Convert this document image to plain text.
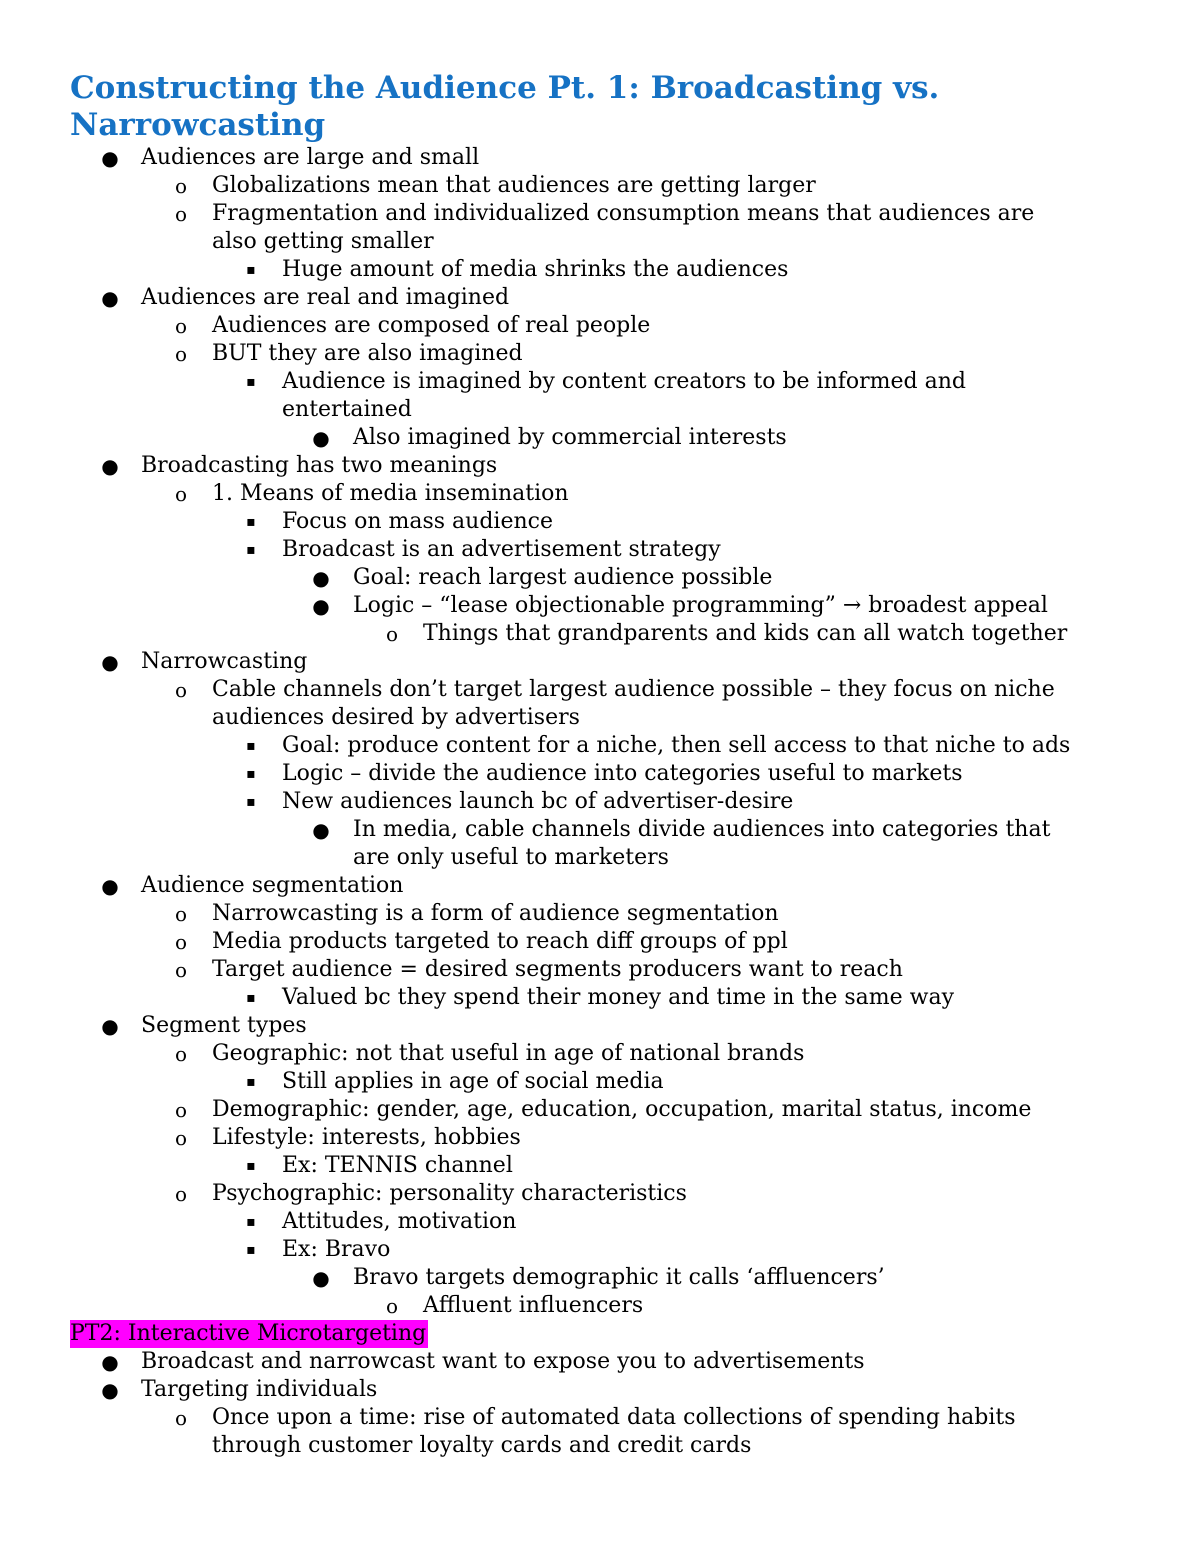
Constructing the Audience Pt. 1: Broadcasting vs. Narrowcasting
● Audiences are large and small
o Globalizations mean that audiences are getting larger
o Fragmentation and individualized consumption means that audiences are
also getting smaller
▪ Huge amount of media shrinks the audiences
● Audiences are real and imagined
o Audiences are composed of real people
o BUT they are also imagined
▪ Audience is imagined by content creators to be informed and
entertained
● Also imagined by commercial interests
● Broadcasting has two meanings
o 1. Means of media insemination
▪ Focus on mass audience
▪ Broadcast is an advertisement strategy
● Goal: reach largest audience possible
● Logic – “lease objectionable programming” → broadest appeal
o Things that grandparents and kids can all watch together
● Narrowcasting
o Cable channels don’t target largest audience possible – they focus on niche
audiences desired by advertisers
▪ Goal: produce content for a niche, then sell access to that niche to ads
▪ Logic – divide the audience into categories useful to markets
▪ New audiences launch bc of advertiser-desire
● In media, cable channels divide audiences into categories that
are only useful to marketers
● Audience segmentation
o Narrowcasting is a form of audience segmentation
o Media products targeted to reach diff groups of ppl
o Target audience = desired segments producers want to reach
▪ Valued bc they spend their money and time in the same way
● Segment types
o Geographic: not that useful in age of national brands
▪ Still applies in age of social media
o Demographic: gender, age, education, occupation, marital status, income
o Lifestyle: interests, hobbies
▪ Ex: TENNIS channel
o Psychographic: personality characteristics
▪ Attitudes, motivation
▪ Ex: Bravo
● Bravo targets demographic it calls ‘affluencers’
o Affluent influencers
PT2: Interactive Microtargeting
● Broadcast and narrowcast want to expose you to advertisements
● Targeting individuals
o Once upon a time: rise of automated data collections of spending habits
through customer loyalty cards and credit cards
